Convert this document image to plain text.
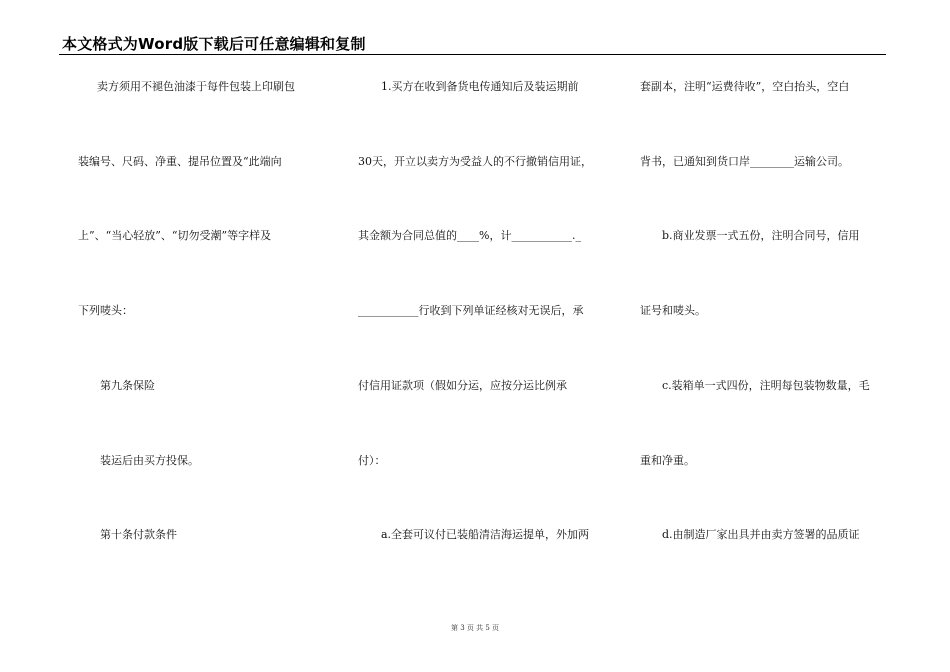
本文格式为Word版下载后可任意编辑和复制
卖方须用不褪色油漆于每件包装上印刷包
装编号、尺码、净重、提吊位置及“此端向
上”、“当心轻放”、“切勿受潮”等字样及
下列唛头：
第九条保险
装运后由买方投保。
第十条付款条件
1.买方在收到备货电传通知后及装运期前
30天，开立以卖方为受益人的不行撤销信用证，
其金额为合同总值的____%，计___________._
___________行收到下列单证经核对无误后，承
付信用证款项（假如分运，应按分运比例承
付）：
a.全套可议付已装船清洁海运提单，外加两
套副本，注明“运费待收”，空白抬头，空白
背书，已通知到货口岸________运输公司。
b.商业发票一式五份，注明合同号，信用
证号和唛头。
c.装箱单一式四份，注明每包装物数量，毛
重和净重。
d.由制造厂家出具并由卖方签署的品质证
第 3 页 共 5 页
